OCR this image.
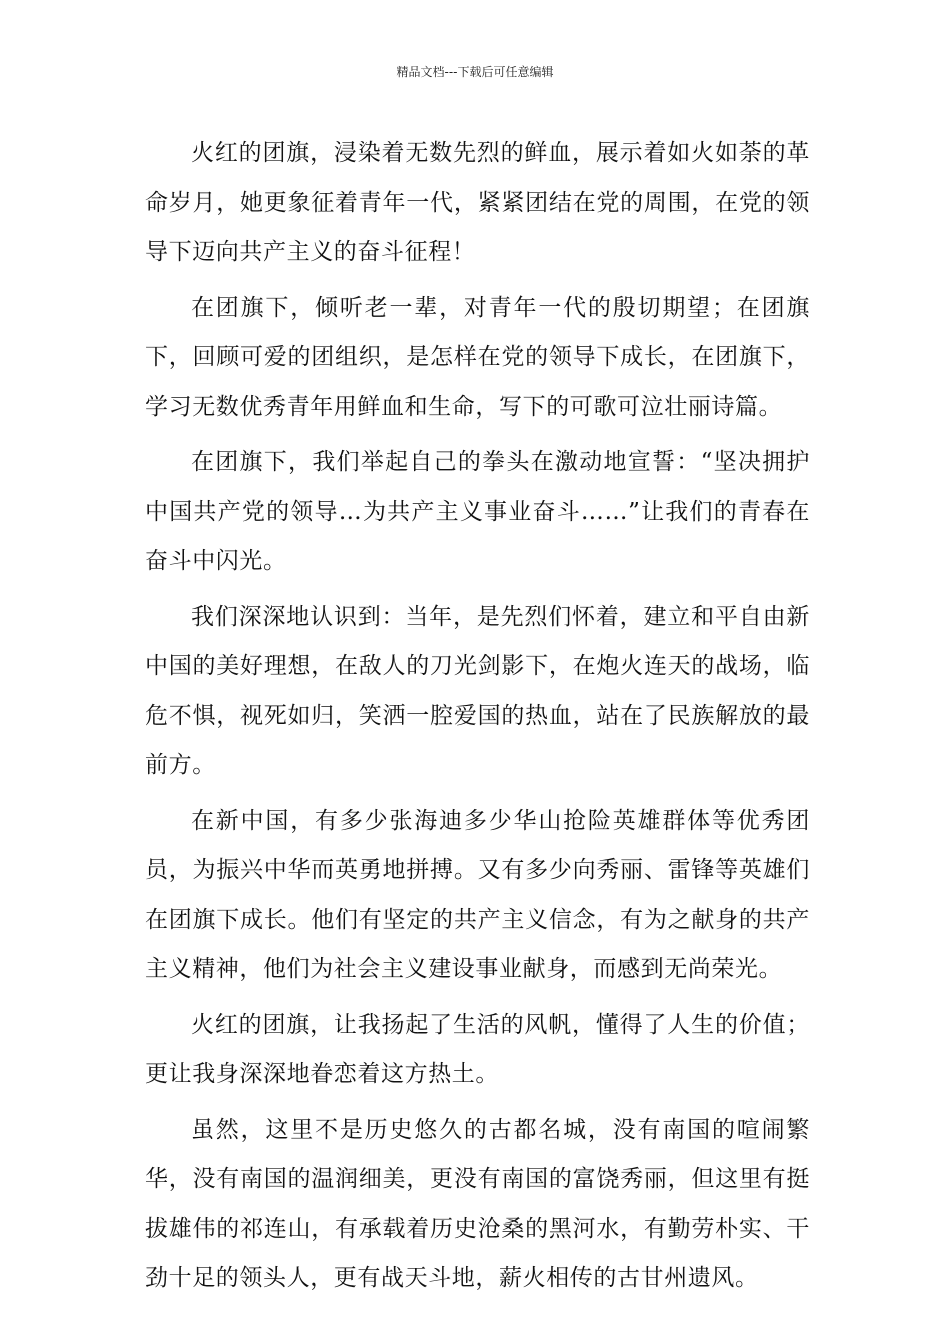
精品文档---下载后可任意编辑

火红的团旗，浸染着无数先烈的鲜血，展示着如火如荼的革命岁月，她更象征着青年一代，紧紧团结在党的周围，在党的领导下迈向共产主义的奋斗征程！

在团旗下，倾听老一辈，对青年一代的殷切期望；在团旗下，回顾可爱的团组织，是怎样在党的领导下成长，在团旗下，学习无数优秀青年用鲜血和生命，写下的可歌可泣壮丽诗篇。

在团旗下，我们举起自己的拳头在激动地宣誓：“坚决拥护中国共产党的领导…为共产主义事业奋斗……”让我们的青春在奋斗中闪光。

我们深深地认识到：当年，是先烈们怀着，建立和平自由新中国的美好理想，在敌人的刀光剑影下，在炮火连天的战场，临危不惧，视死如归，笑洒一腔爱国的热血，站在了民族解放的最前方。

在新中国，有多少张海迪多少华山抢险英雄群体等优秀团员，为振兴中华而英勇地拼搏。又有多少向秀丽、雷锋等英雄们在团旗下成长。他们有坚定的共产主义信念，有为之献身的共产主义精神，他们为社会主义建设事业献身，而感到无尚荣光。

火红的团旗，让我扬起了生活的风帆，懂得了人生的价值；更让我身深深地眷恋着这方热土。

虽然，这里不是历史悠久的古都名城，没有南国的喧闹繁华，没有南国的温润细美，更没有南国的富饶秀丽，但这里有挺拔雄伟的祁连山，有承载着历史沧桑的黑河水，有勤劳朴实、干劲十足的领头人，更有战天斗地，薪火相传的古甘州遗风。
